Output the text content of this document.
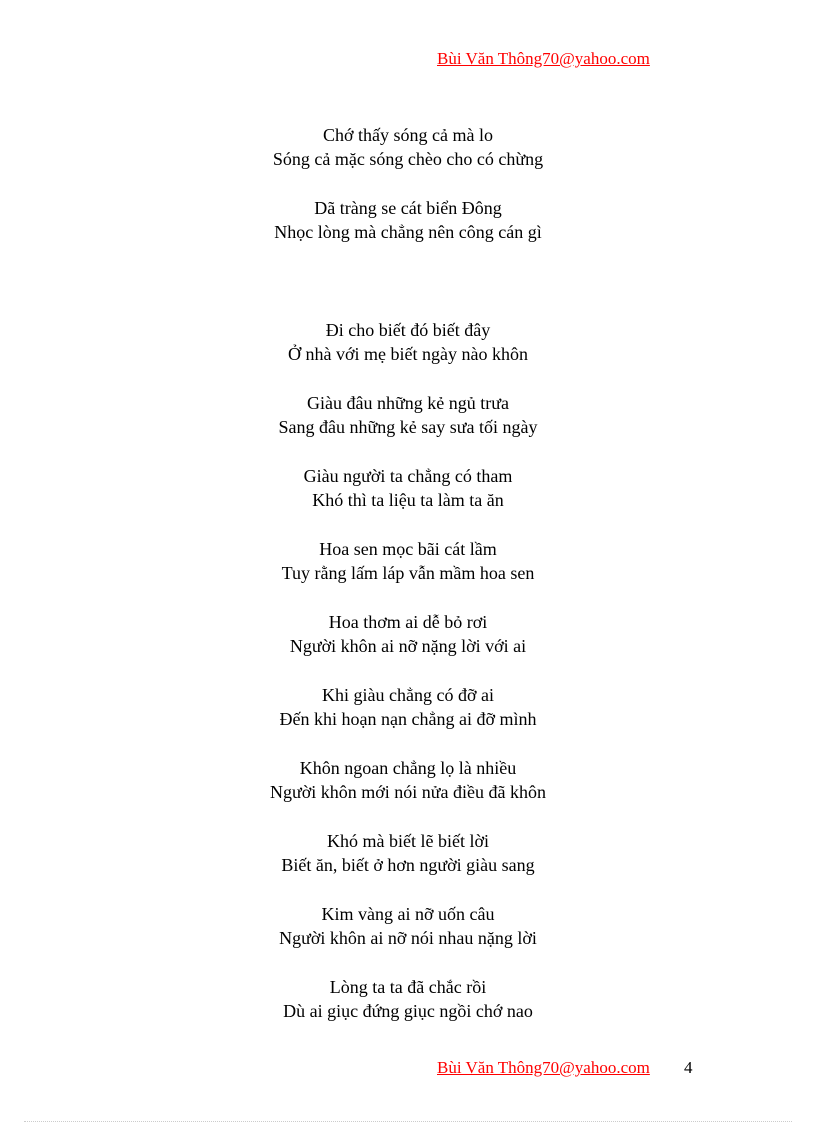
Bùi Văn Thông70@yahoo.com
Chớ thấy sóng cả mà lo
Sóng cả mặc sóng chèo cho có chừng
Dã tràng se cát biển Đông
Nhọc lòng mà chẳng nên công cán gì
Đi cho biết đó biết đây
Ở nhà với mẹ biết ngày nào khôn
Giàu đâu những kẻ ngủ trưa
Sang đâu những kẻ say sưa tối ngày
Giàu người ta chẳng có tham
Khó thì ta liệu ta làm ta ăn
Hoa sen mọc bãi cát lầm
Tuy rằng lấm láp vẫn mầm hoa sen
Hoa thơm ai dễ bỏ rơi
Người khôn ai nỡ nặng lời với ai
Khi giàu chẳng có đỡ ai
Đến khi hoạn nạn chẳng ai đỡ mình
Khôn ngoan chẳng lọ là nhiều
Người khôn mới nói nửa điều đã khôn
Khó mà biết lẽ biết lời
Biết ăn, biết ở hơn người giàu sang
Kim vàng ai nỡ uốn câu
Người khôn ai nỡ nói nhau nặng lời
Lòng ta ta đã chắc rồi
Dù ai giục đứng giục ngồi chớ nao
Bùi Văn Thông70@yahoo.com 4
